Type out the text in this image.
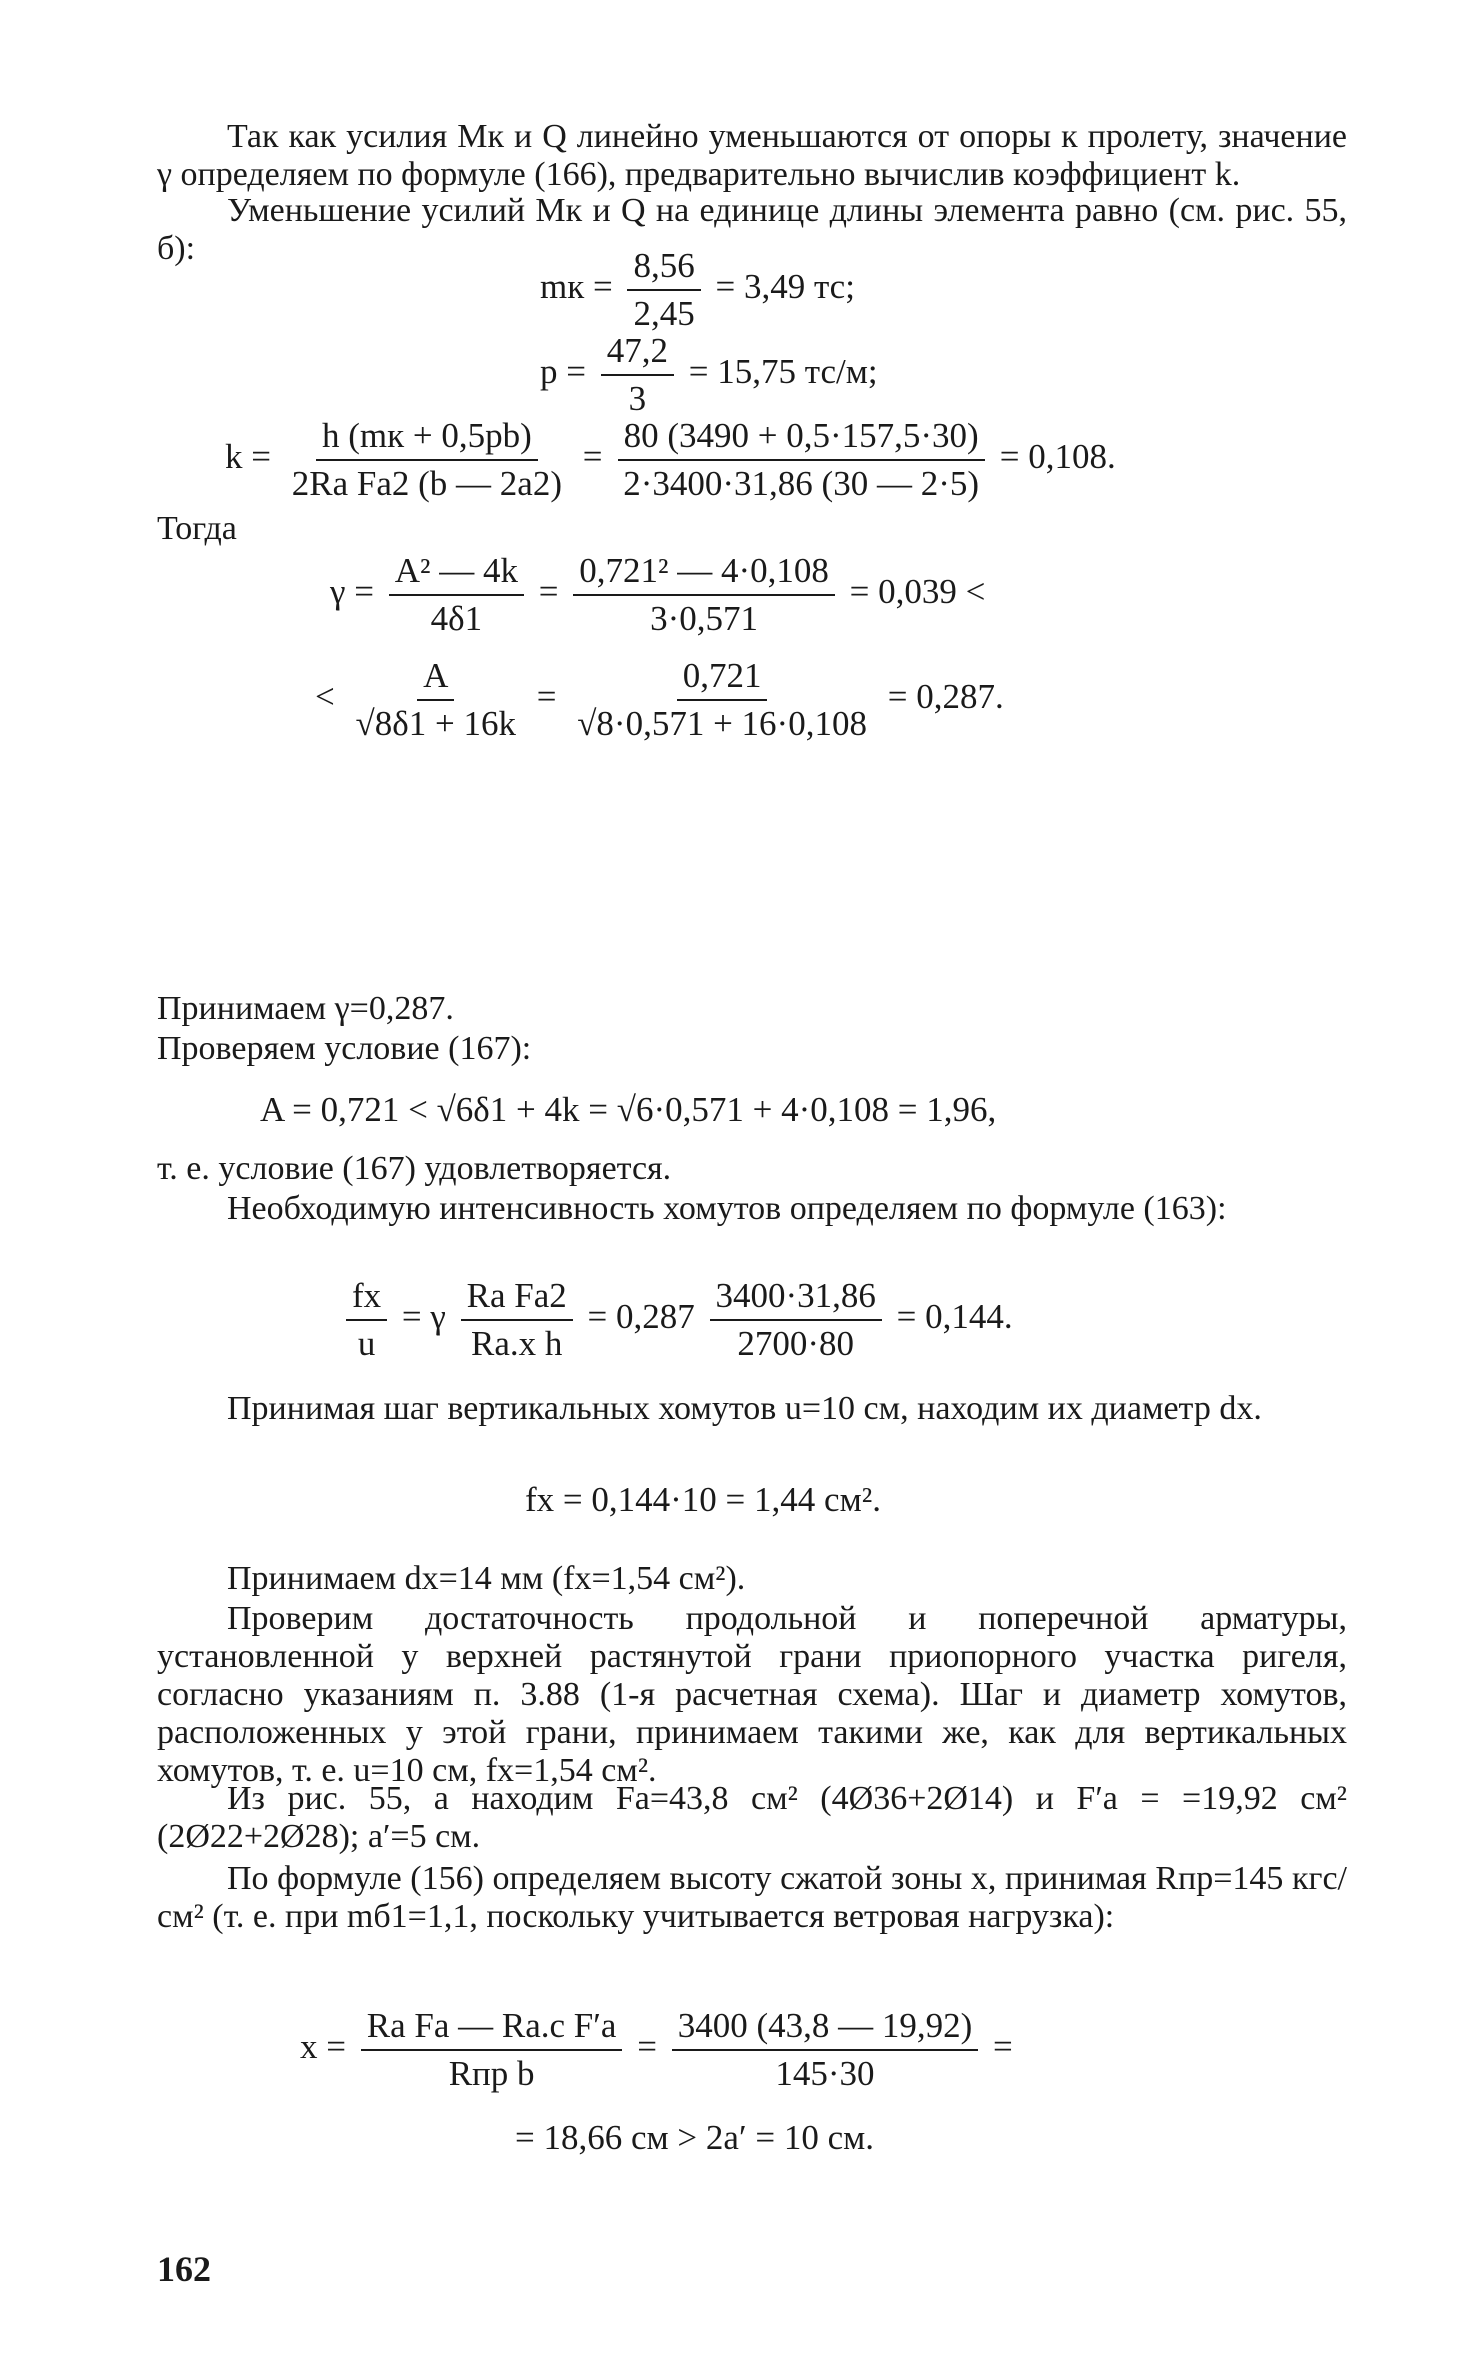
Так как усилия Mк и Q линейно уменьшаются от опоры к пролету, значение γ определяем по формуле (166), предварительно вычислив коэффициент k.
Уменьшение усилий Mк и Q на единице длины элемента равно (см. рис. 55, б):
mк = $\frac{8,56}{2,45} = 3,49$ тс;
$p = \frac{47,2}{3} = 15,75$ тс/м;
$k = \frac{h (mк + 0,5pb)}{\text{2Rа Fа2 (b — 2a2)}} = \frac{80 (3490 + 0,5\cdot 157,5\cdot 30)}{2\cdot 3400\cdot 31,86 (30 — 2\cdot 5)} = 0,108$.
Тогда
$\gamma = \frac{\text{A² — 4k}}{4\delta 1} = \frac{\text{0,721² — 4·0,108}}{3\cdot 0,571} = 0,039$ <
< $\frac{A}{√8\delta 1 + 16k} = \frac{0,721}{√8\cdot 0,571 + 16\cdot 0,108} = 0,287$.
Принимаем γ=0,287.
Проверяем условие (167):
A = 0,721 < √6δ1 + 4k = √6·0,571 + 4·0,108 = 1,96,
т. е. условие (167) удовлетворяется.
Необходимую интенсивность хомутов определяем по формуле (163):
$\frac{fх}{u} = \gamma \frac{\text{Rа Fа2}}{\text{Rа.х h}} = 0,287 \frac{3400\cdot 31,86}{2700\cdot 80} = 0,144$.
Принимая шаг вертикальных хомутов u=10 см, находим их диаметр dх.
fх = 0,144·10 = 1,44 см².
Принимаем dх=14 мм (fх=1,54 см²).
Проверим достаточность продольной и поперечной арматуры, установленной у верхней растянутой грани приопорного участка ригеля, согласно указаниям п. 3.88 (1-я расчетная схема). Шаг и диаметр хомутов, расположенных у этой грани, принимаем такими же, как для вертикальных хомутов, т. е. u=10 см, fх=1,54 см².
Из рис. 55, а находим Fа=43,8 см² (4Ø36+2Ø14) и F′а = =19,92 см² (2Ø22+2Ø28); a′=5 см.
По формуле (156) определяем высоту сжатой зоны x, принимая Rпр=145 кгс/см² (т. е. при mб1=1,1, поскольку учитывается ветровая нагрузка):
$x = \frac{\text{Rа Fа — Rа.с F′а}}{\text{Rпр b}} = \frac{3400 (43,8 — 19,92)}{145\cdot 30}$ =
= 18,66 см > 2a′ = 10 см.
162
